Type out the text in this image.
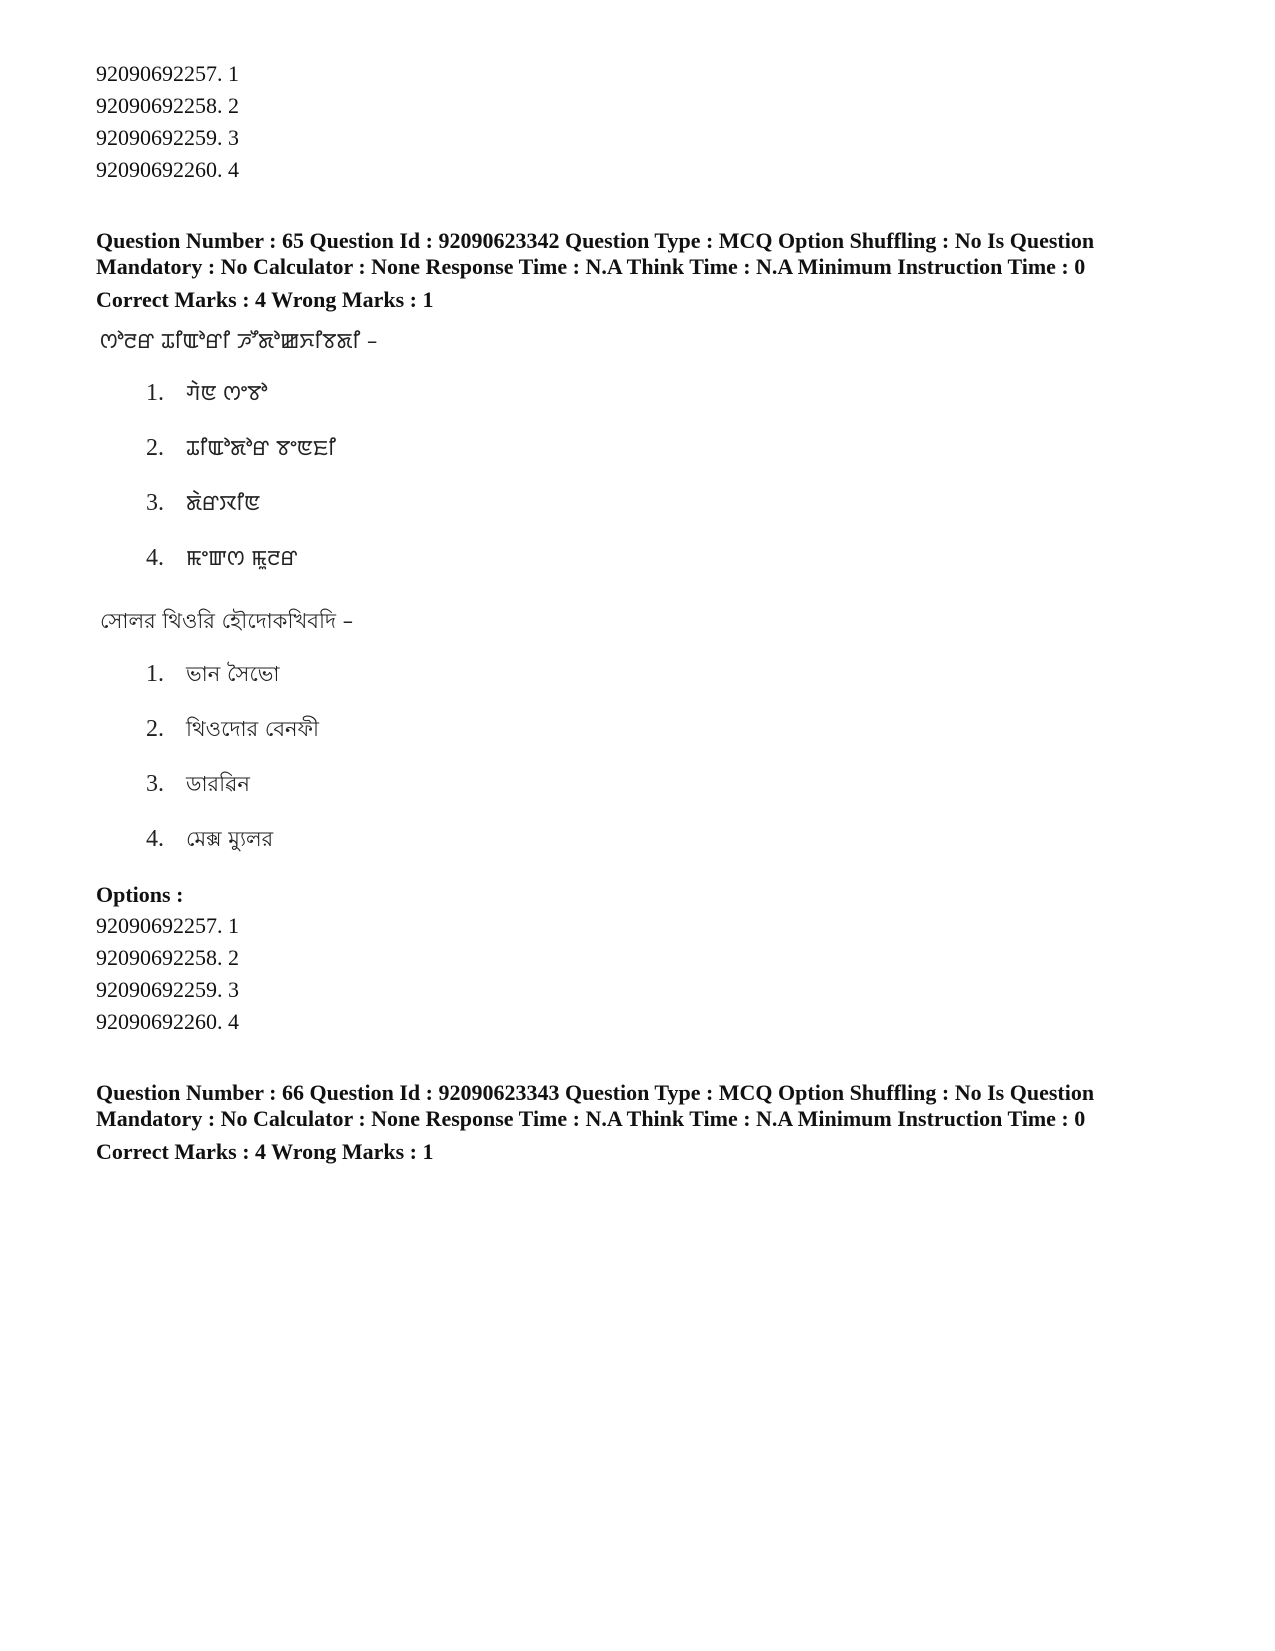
92090692257. 1
92090692258. 2
92090692259. 3
92090692260. 4
Question Number : 65 Question Id : 92090623342 Question Type : MCQ Option Shuffling : No Is Question
Mandatory : No Calculator : None Response Time : N.A Think Time : N.A Minimum Instruction Time : 0
Correct Marks : 4 Wrong Marks : 1
ꯁꯣꯂꯔ ꯊꯤꯑꯣꯔꯤ ꯍꯧꯗꯣꯀꯈꯤꯕꯗꯤ –
1.	ꯚꯥꯟ ꯁꯦꯕꯣ
2.	ꯊꯤꯑꯣꯗꯣꯔ ꯕꯦꯟꯐꯤ
3.	ꯗꯥꯔꯋꯤꯟ
4.	ꯃꯦꯛꯁ ꯃꯨꯂꯔ
সোলর থিওরি হৌদোকখিবদি –
1.	ভান সৈভো
2.	থিওদোর বেনফী
3.	ডারৱিন
4.	মেক্স ম্যুলর
Options :
92090692257. 1
92090692258. 2
92090692259. 3
92090692260. 4
Question Number : 66 Question Id : 92090623343 Question Type : MCQ Option Shuffling : No Is Question
Mandatory : No Calculator : None Response Time : N.A Think Time : N.A Minimum Instruction Time : 0
Correct Marks : 4 Wrong Marks : 1
